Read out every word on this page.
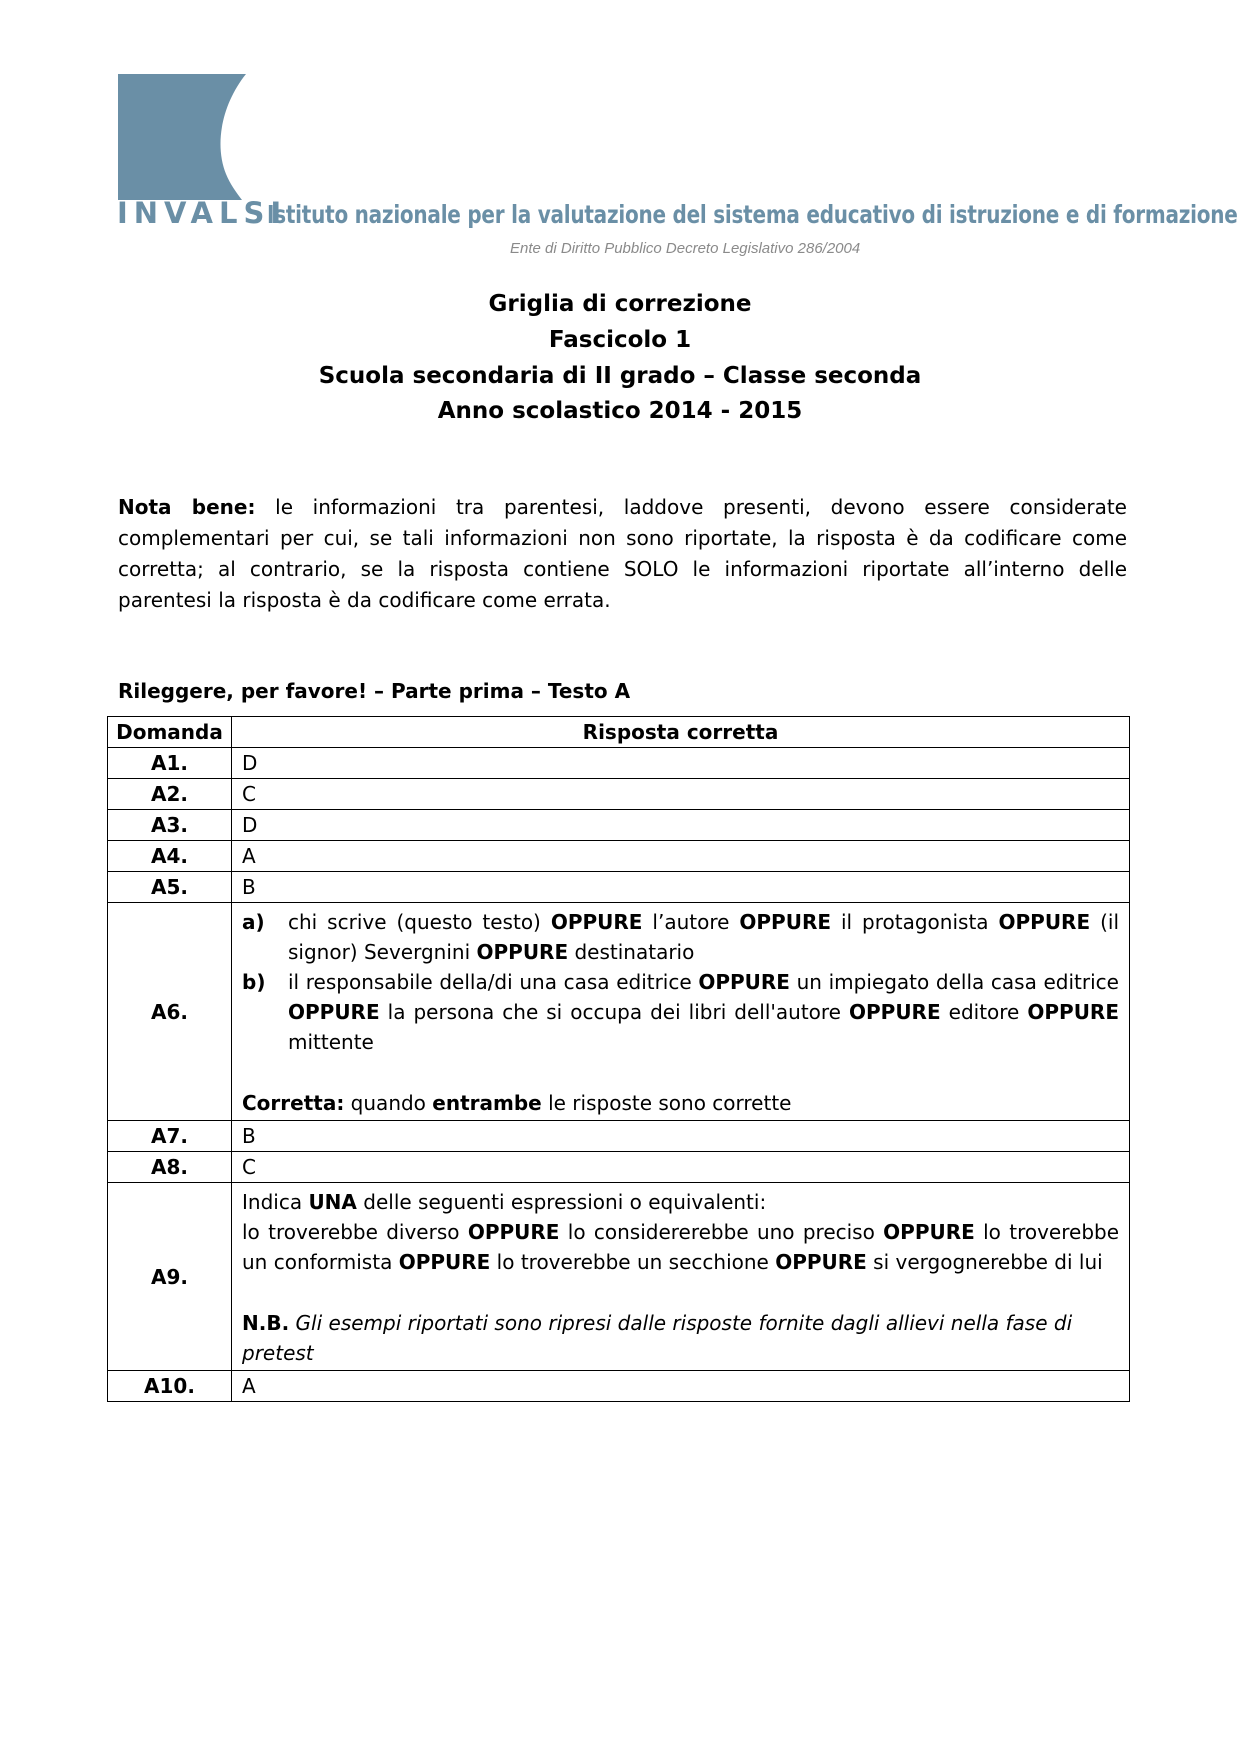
INVALSI
Istituto nazionale per la valutazione del sistema educativo di istruzione e di formazione
Ente di Diritto Pubblico Decreto Legislativo 286/2004
Griglia di correzione
Fascicolo 1
Scuola secondaria di II grado – Classe seconda
Anno scolastico 2014 - 2015
Nota bene: le informazioni tra parentesi, laddove presenti, devono essere considerate complementari per cui, se tali informazioni non sono riportate, la risposta è da codificare come corretta; al contrario, se la risposta contiene SOLO le informazioni riportate all’interno delle parentesi la risposta è da codificare come errata.
Rileggere, per favore! – Parte prima – Testo A
Domanda	Risposta corretta
A1.	D
A2.	C
A3.	D
A4.	A
A5.	B
A6.	a) chi scrive (questo testo) OPPURE l’autore OPPURE il protagonista OPPURE (il signor) Severgnini OPPURE destinatario
b) il responsabile della/di una casa editrice OPPURE un impiegato della casa editrice OPPURE la persona che si occupa dei libri dell'autore OPPURE editore OPPURE mittente
Corretta: quando entrambe le risposte sono corrette

A7.	B
A8.	C
A9.	Indica UNA delle seguenti espressioni o equivalenti:
lo troverebbe diverso OPPURE lo considererebbe uno preciso OPPURE lo troverebbe un conformista OPPURE lo troverebbe un secchione OPPURE si vergognerebbe di lui
N.B. Gli esempi riportati sono ripresi dalle risposte fornite dagli allievi nella fase di pretest

A10.	A
